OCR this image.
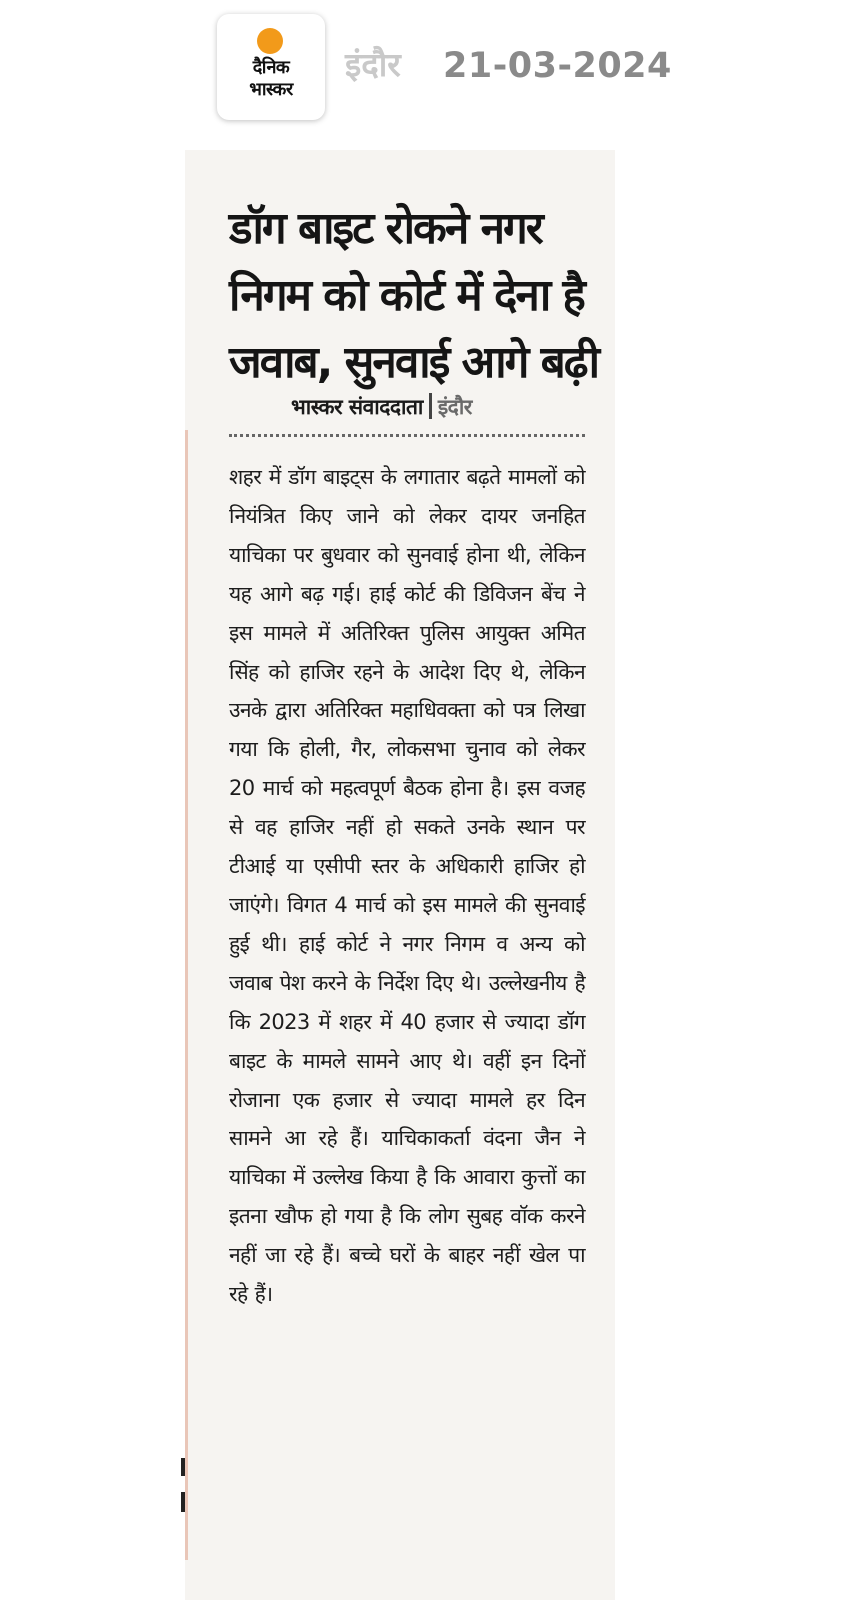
दैनिक
भास्कर
इंदौर 21-03-2024
डॉग बाइट रोकने नगर निगम को कोर्ट में देना है जवाब, सुनवाई आगे बढ़ी
भास्कर संवाददाता इंदौर

शहर में डॉग बाइट्स के लगातार बढ़ते मामलों को नियंत्रित किए जाने को लेकर दायर जनहित याचिका पर बुधवार को सुनवाई होना थी, लेकिन यह आगे बढ़ गई। हाई कोर्ट की डिविजन बेंच ने इस मामले में अतिरिक्त पुलिस आयुक्त अमित सिंह को हाजिर रहने के आदेश दिए थे, लेकिन उनके द्वारा अतिरिक्त महाधिवक्ता को पत्र लिखा गया कि होली, गैर, लोकसभा चुनाव को लेकर 20 मार्च को महत्वपूर्ण बैठक होना है। इस वजह से वह हाजिर नहीं हो सकते उनके स्थान पर टीआई या एसीपी स्तर के अधिकारी हाजिर हो जाएंगे। विगत 4 मार्च को इस मामले की सुनवाई हुई थी। हाई कोर्ट ने नगर निगम व अन्य को जवाब पेश करने के निर्देश दिए थे। उल्लेखनीय है कि 2023 में शहर में 40 हजार से ज्यादा डॉग बाइट के मामले सामने आए थे। वहीं इन दिनों रोजाना एक हजार से ज्यादा मामले हर दिन सामने आ रहे हैं। याचिकाकर्ता वंदना जैन ने याचिका में उल्लेख किया है कि आवारा कुत्तों का इतना खौफ हो गया है कि लोग सुबह वॉक करने नहीं जा रहे हैं। बच्चे घरों के बाहर नहीं खेल पा रहे हैं।
